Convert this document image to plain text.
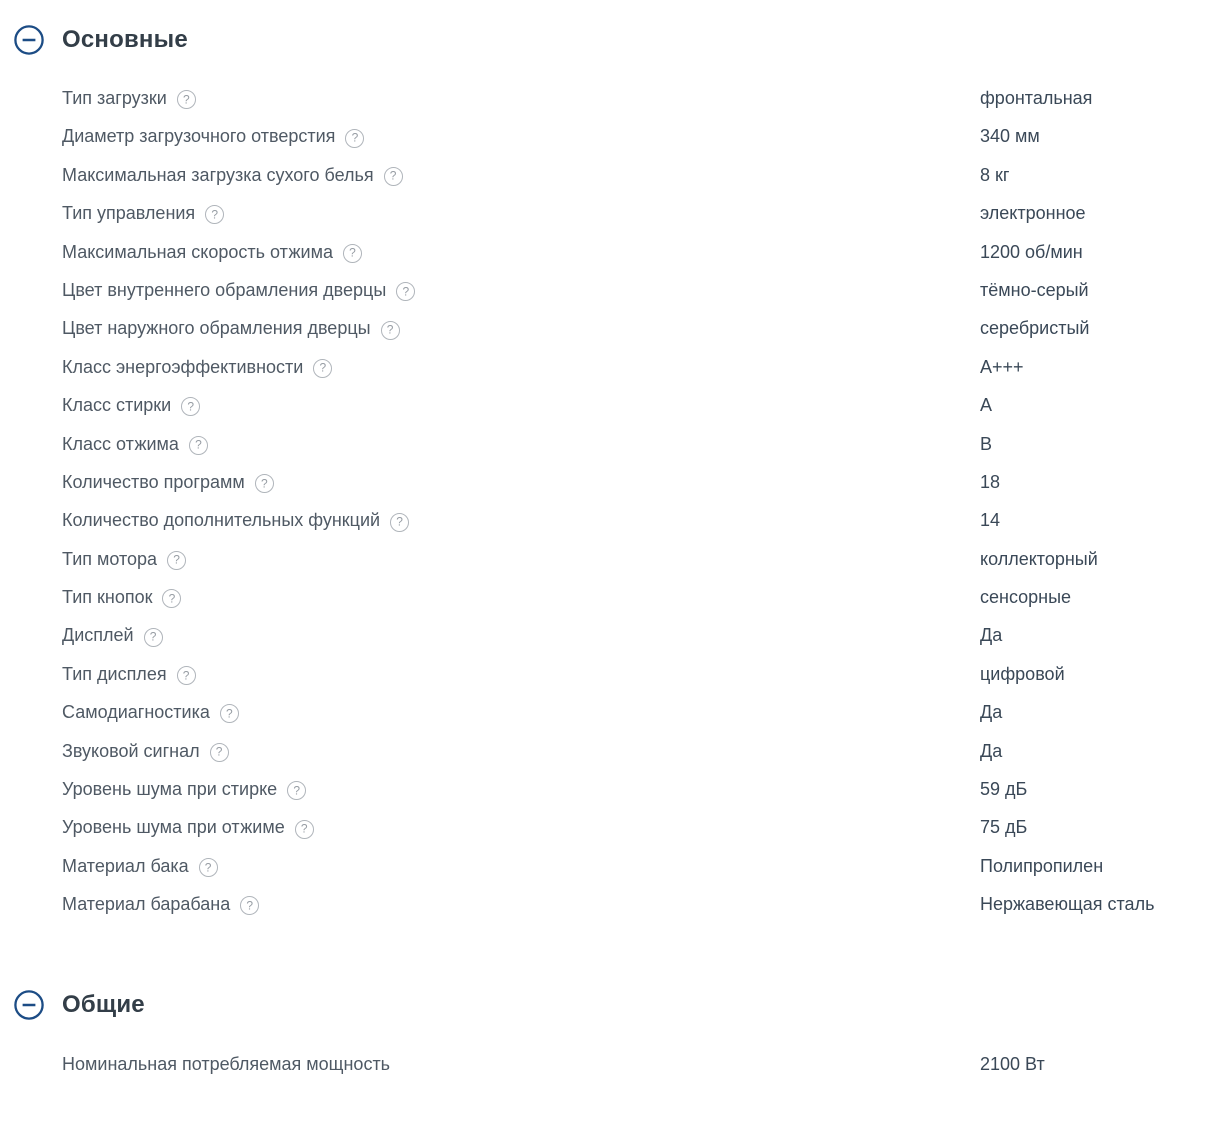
Основные
Тип загрузки ?	фронтальная
Диаметр загрузочного отверстия ?	340 мм
Максимальная загрузка сухого белья ?	8 кг
Тип управления ?	электронное
Максимальная скорость отжима ?	1200 об/мин
Цвет внутреннего обрамления дверцы ?	тёмно-серый
Цвет наружного обрамления дверцы ?	серебристый
Класс энергоэффективности ?	A+++
Класс стирки ?	A
Класс отжима ?	B
Количество программ ?	18
Количество дополнительных функций ?	14
Тип мотора ?	коллекторный
Тип кнопок ?	сенсорные
Дисплей ?	Да
Тип дисплея ?	цифровой
Самодиагностика ?	Да
Звуковой сигнал ?	Да
Уровень шума при стирке ?	59 дБ
Уровень шума при отжиме ?	75 дБ
Материал бака ?	Полипропилен
Материал барабана ?	Нержавеющая сталь
Общие
Номинальная потребляемая мощность	2100 Вт
